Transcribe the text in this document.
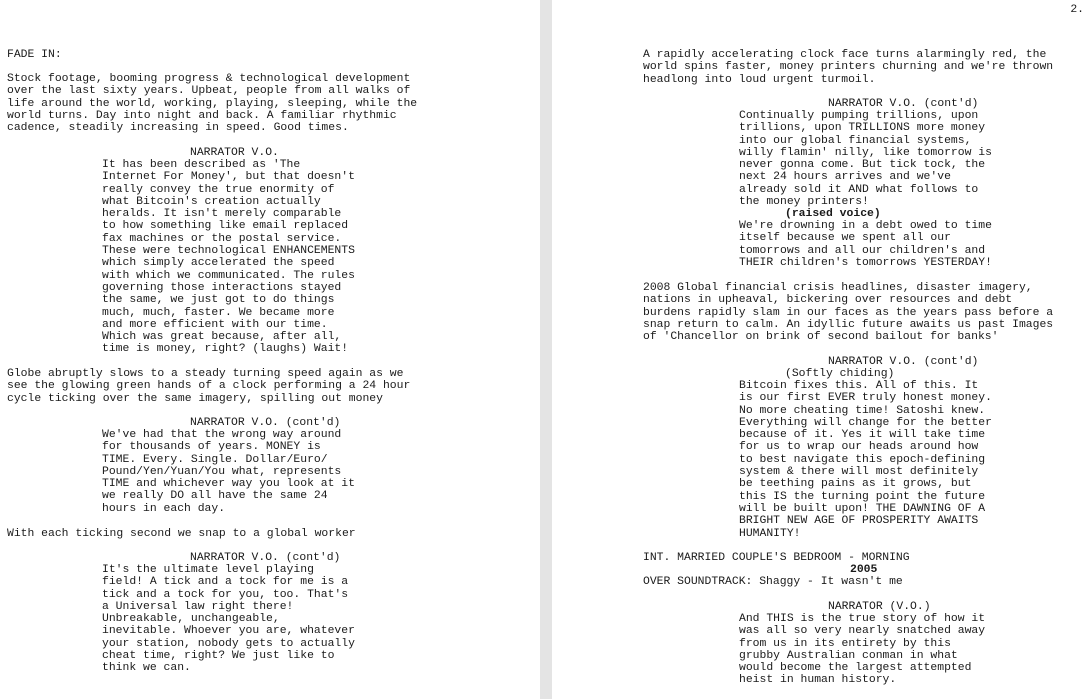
FADE IN:
Stock footage, booming progress & technological development
over the last sixty years. Upbeat, people from all walks of
life around the world, working, playing, sleeping, while the
world turns. Day into night and back. A familiar rhythmic
cadence, steadily increasing in speed. Good times.
NARRATOR V.O.
It has been described as 'The
Internet For Money', but that doesn't
really convey the true enormity of
what Bitcoin's creation actually
heralds. It isn't merely comparable
to how something like email replaced
fax machines or the postal service.
These were technological ENHANCEMENTS
which simply accelerated the speed
with which we communicated. The rules
governing those interactions stayed
the same, we just got to do things
much, much, faster. We became more
and more efficient with our time.
Which was great because, after all,
time is money, right? (laughs) Wait!
Globe abruptly slows to a steady turning speed again as we
see the glowing green hands of a clock performing a 24 hour
cycle ticking over the same imagery, spilling out money
NARRATOR V.O. (cont'd)
We've had that the wrong way around
for thousands of years. MONEY is
TIME. Every. Single. Dollar/Euro/
Pound/Yen/Yuan/You what, represents
TIME and whichever way you look at it
we really DO all have the same 24
hours in each day.
With each ticking second we snap to a global worker
NARRATOR V.O. (cont'd)
It's the ultimate level playing
field! A tick and a tock for me is a
tick and a tock for you, too. That's
a Universal law right there!
Unbreakable, unchangeable,
inevitable. Whoever you are, whatever
your station, nobody gets to actually
cheat time, right? We just like to
think we can.
2.
A rapidly accelerating clock face turns alarmingly red, the
world spins faster, money printers churning and we're thrown
headlong into loud urgent turmoil.
NARRATOR V.O. (cont'd)
Continually pumping trillions, upon
trillions, upon TRILLIONS more money
into our global financial systems,
willy flamin' nilly, like tomorrow is
never gonna come. But tick tock, the
next 24 hours arrives and we've
already sold it AND what follows to
the money printers!
(raised voice)
We're drowning in a debt owed to time
itself because we spent all our
tomorrows and all our children's and
THEIR children's tomorrows YESTERDAY!
2008 Global financial crisis headlines, disaster imagery,
nations in upheaval, bickering over resources and debt
burdens rapidly slam in our faces as the years pass before a
snap return to calm. An idyllic future awaits us past Images
of 'Chancellor on brink of second bailout for banks'
NARRATOR V.O. (cont'd)
(Softly chiding)
Bitcoin fixes this. All of this. It
is our first EVER truly honest money.
No more cheating time! Satoshi knew.
Everything will change for the better
because of it. Yes it will take time
for us to wrap our heads around how
to best navigate this epoch-defining
system & there will most definitely
be teething pains as it grows, but
this IS the turning point the future
will be built upon! THE DAWNING OF A
BRIGHT NEW AGE OF PROSPERITY AWAITS
HUMANITY!
INT. MARRIED COUPLE'S BEDROOM - MORNING
2005
OVER SOUNDTRACK: Shaggy - It wasn't me
NARRATOR (V.O.)
And THIS is the true story of how it
was all so very nearly snatched away
from us in its entirety by this
grubby Australian conman in what
would become the largest attempted
heist in human history.
